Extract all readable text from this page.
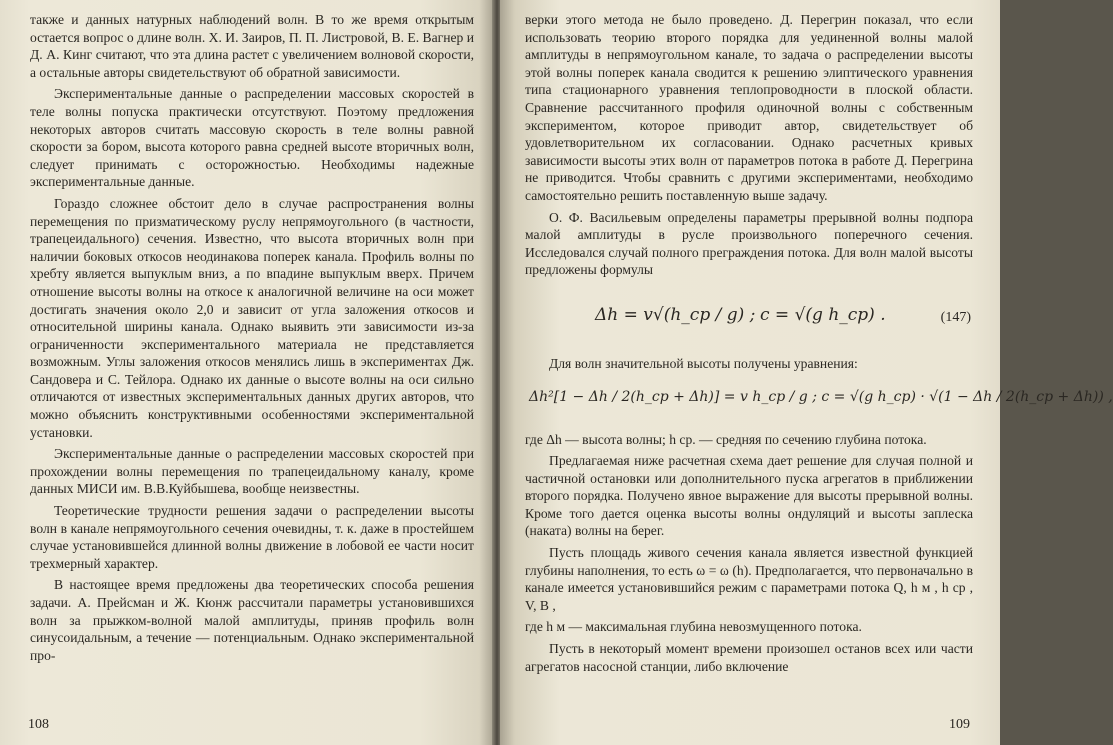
также и данных натурных наблюдений волн. В то же время открытым остается вопрос о длине волн. Х. И. Заиров, П. П. Листровой, В. Е. Вагнер и Д. А. Кинг считают, что эта длина растет с увеличением волновой скорости, а остальные авторы свидетельствуют об обратной зависимости.

Экспериментальные данные о распределении массовых скоростей в теле волны попуска практически отсутствуют. Поэтому предложения некоторых авторов считать массовую скорость в теле волны равной скорости за бором, высота которого равна средней высоте вторичных волн, следует принимать с осторожностью. Необходимы надежные экспериментальные данные.

Гораздо сложнее обстоит дело в случае распространения волны перемещения по призматическому руслу непрямоугольного (в частности, трапецеидального) сечения. Известно, что высота вторичных волн при наличии боковых откосов неодинакова поперек канала. Профиль волны по хребту является выпуклым вниз, а по впадине выпуклым вверх. Причем отношение высоты волны на откосе к аналогичной величине на оси может достигать значения около 2,0 и зависит от угла заложения откосов и относительной ширины канала. Однако выявить эти зависимости из-за ограниченности экспериментального материала не представляется возможным. Углы заложения откосов менялись лишь в экспериментах Дж. Сандовера и С. Тейлора. Однако их данные о высоте волны на оси сильно отличаются от известных экспериментальных данных других авторов, что можно объяснить конструктивными особенностями экспериментальной установки.

Экспериментальные данные о распределении массовых скоростей при прохождении волны перемещения по трапецеидальному каналу, кроме данных МИСИ им. В.В.Куйбышева, вообще неизвестны.

Теоретические трудности решения задачи о распределении высоты волн в канале непрямоугольного сечения очевидны, т. к. даже в простейшем случае установившейся длинной волны движение в лобовой ее части носит трехмерный характер.

В настоящее время предложены два теоретических способа решения задачи. А. Прейсман и Ж. Кюнж рассчитали параметры установившихся волн за прыжком-волной малой амплитуды, приняв профиль волн синусоидальным, а течение — потенциальным. Однако экспериментальной про-

108

верки этого метода не было проведено. Д. Перегрин показал, что если использовать теорию второго порядка для уединенной волны малой амплитуды в непрямоугольном канале, то задача о распределении высоты этой волны поперек канала сводится к решению элиптического уравнения типа стационарного уравнения теплопроводности в плоской области. Сравнение рассчитанного профиля одиночной волны с собственным экспериментом, которое приводит автор, свидетельствует об удовлетворительном их согласовании. Однако расчетных кривых зависимости высоты этих волн от параметров потока в работе Д. Перегрина не приводится. Чтобы сравнить с другими экспериментами, необходимо самостоятельно решить поставленную выше задачу.

О. Ф. Васильевым определены параметры прерывной волны подпора малой амплитуды в русле произвольного поперечного сечения. Исследовался случай полного преграждения потока. Для волн малой высоты предложены формулы

Δh = v√(h_cp / g) ; c = √(g h_cp) .	(147)

Для волн значительной высоты получены уравнения:

Δh²[1 − Δh / 2(h_cp + Δh)] = v h_cp / g ; c = √(g h_cp) · √(1 − Δh / 2(h_cp + Δh)) ,

где Δh — высота волны; h cp. — средняя по сечению глубина потока.

Предлагаемая ниже расчетная схема дает решение для случая полной и частичной остановки или дополнительного пуска агрегатов в приближении второго порядка. Получено явное выражение для высоты прерывной волны. Кроме того дается оценка высоты волны ондуляций и высоты заплеска (наката) волны на берег.

Пусть площадь живого сечения канала является известной функцией глубины наполнения, то есть ω = ω (h). Предполагается, что первоначально в канале имеется установившийся режим с параметрами потока Q, h м , h ср , V, B ,

где h м — максимальная глубина невозмущенного потока.

Пусть в некоторый момент времени произошел останов всех или части агрегатов насосной станции, либо включение

109
